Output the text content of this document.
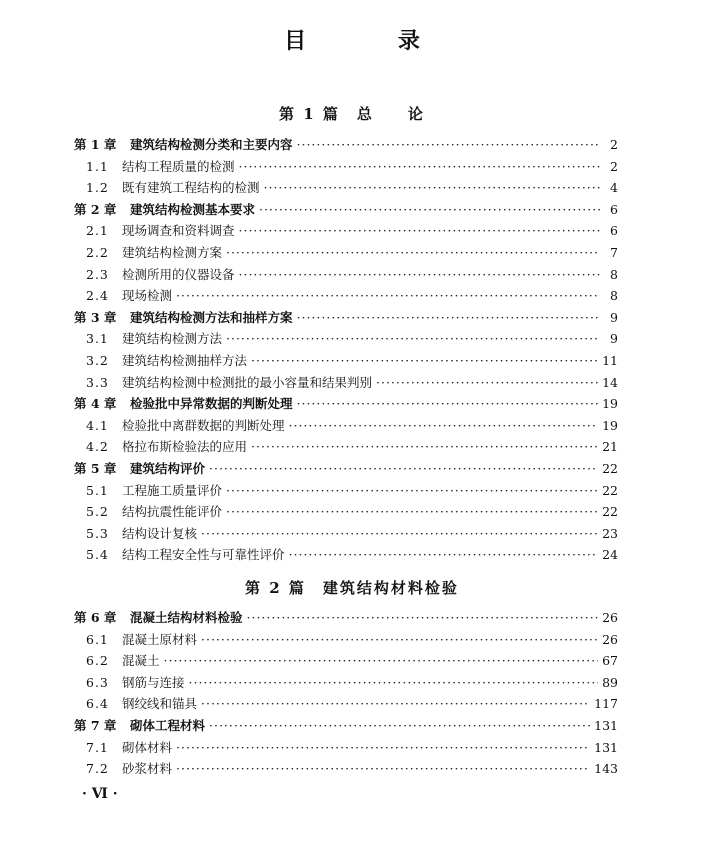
目 录
第 1 篇　总　　论
第 1 章	建筑结构检测分类和主要内容 ·····	2
1.1	结构工程质量的检测 ·····	2
1.2	既有建筑工程结构的检测 ·····	4
第 2 章	建筑结构检测基本要求 ·····	6
2.1	现场调查和资料调查 ·····	6
2.2	建筑结构检测方案 ·····	7
2.3	检测所用的仪器设备 ·····	8
2.4	现场检测 ·····	8
第 3 章	建筑结构检测方法和抽样方案 ·····	9
3.1	建筑结构检测方法 ·····	9
3.2	建筑结构检测抽样方法 ·····	11
3.3	建筑结构检测中检测批的最小容量和结果判别 ·····	14
第 4 章	检验批中异常数据的判断处理 ·····	19
4.1	检验批中离群数据的判断处理 ·····	19
4.2	格拉布斯检验法的应用 ·····	21
第 5 章	建筑结构评价 ·····	22
5.1	工程施工质量评价 ·····	22
5.2	结构抗震性能评价 ·····	22
5.3	结构设计复核 ·····	23
5.4	结构工程安全性与可靠性评价 ·····	24
第 2 篇　建筑结构材料检验
第 6 章	混凝土结构材料检验 ·····	26
6.1	混凝土原材料 ·····	26
6.2	混凝土 ·····	67
6.3	钢筋与连接 ·····	89
6.4	钢绞线和锚具 ·····	117
第 7 章	砌体工程材料 ·····	131
7.1	砌体材料 ·····	131
7.2	砂浆材料 ·····	143
· Ⅵ ·
